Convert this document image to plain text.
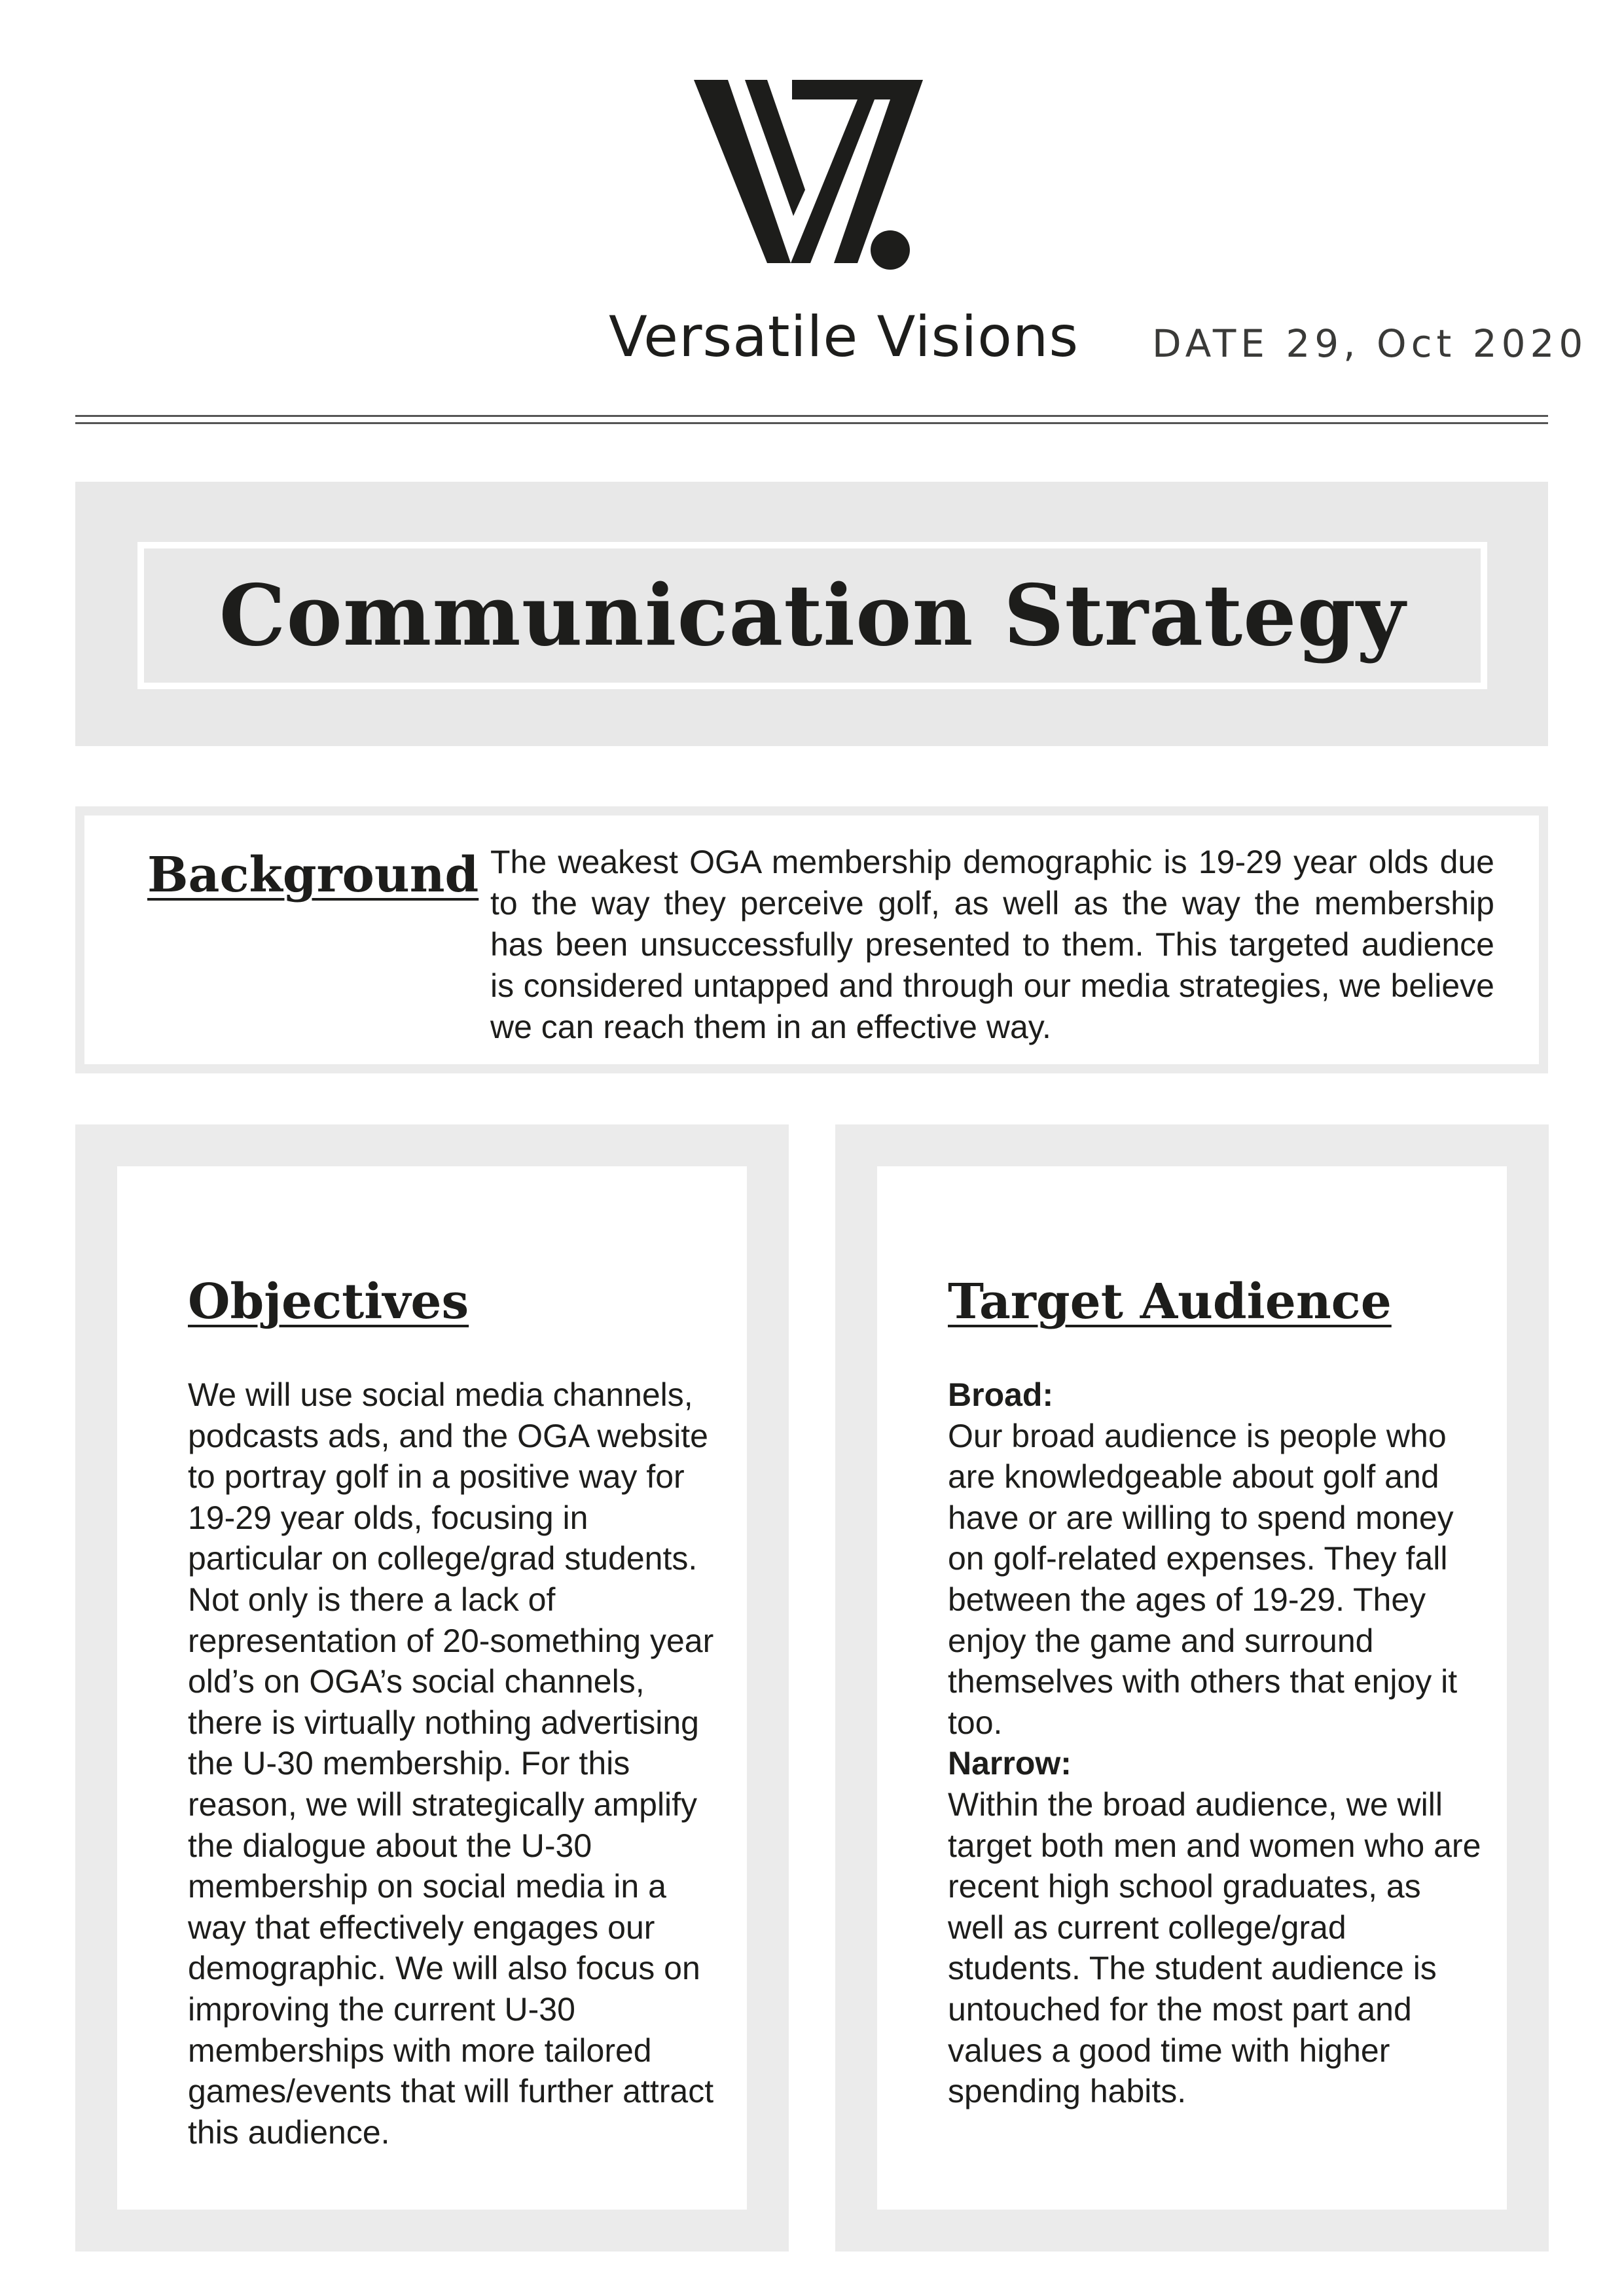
Versatile Visions DATE 29, Oct 2020
Communication Strategy
Background The weakest OGA membership demographic is 19-29 year olds due to the way they perceive golf, as well as the way the membership has been unsuccessfully presented to them. This targeted audience is considered untapped and through our media strategies, we believe we can reach them in an effective way.
Objectives

We will use social media channels, podcasts ads, and the OGA website to portray golf in a positive way for 19-29 year olds, focusing in particular on college/grad students. Not only is there a lack of representation of 20-something year old’s on OGA’s social channels, there is virtually nothing advertising the U-30 membership. For this reason, we will strategically amplify the dialogue about the U-30 membership on social media in a way that effectively engages our demographic. We will also focus on improving the current U-30 memberships with more tailored games/events that will further attract this audience.

Target Audience

Broad:

Our broad audience is people who are knowledgeable about golf and have or are willing to spend money on golf-related expenses. They fall between the ages of 19-29. They enjoy the game and surround themselves with others that enjoy it too.

Narrow:

Within the broad audience, we will target both men and women who are recent high school graduates, as well as current college/grad students. The student audience is untouched for the most part and values a good time with higher spending habits.
